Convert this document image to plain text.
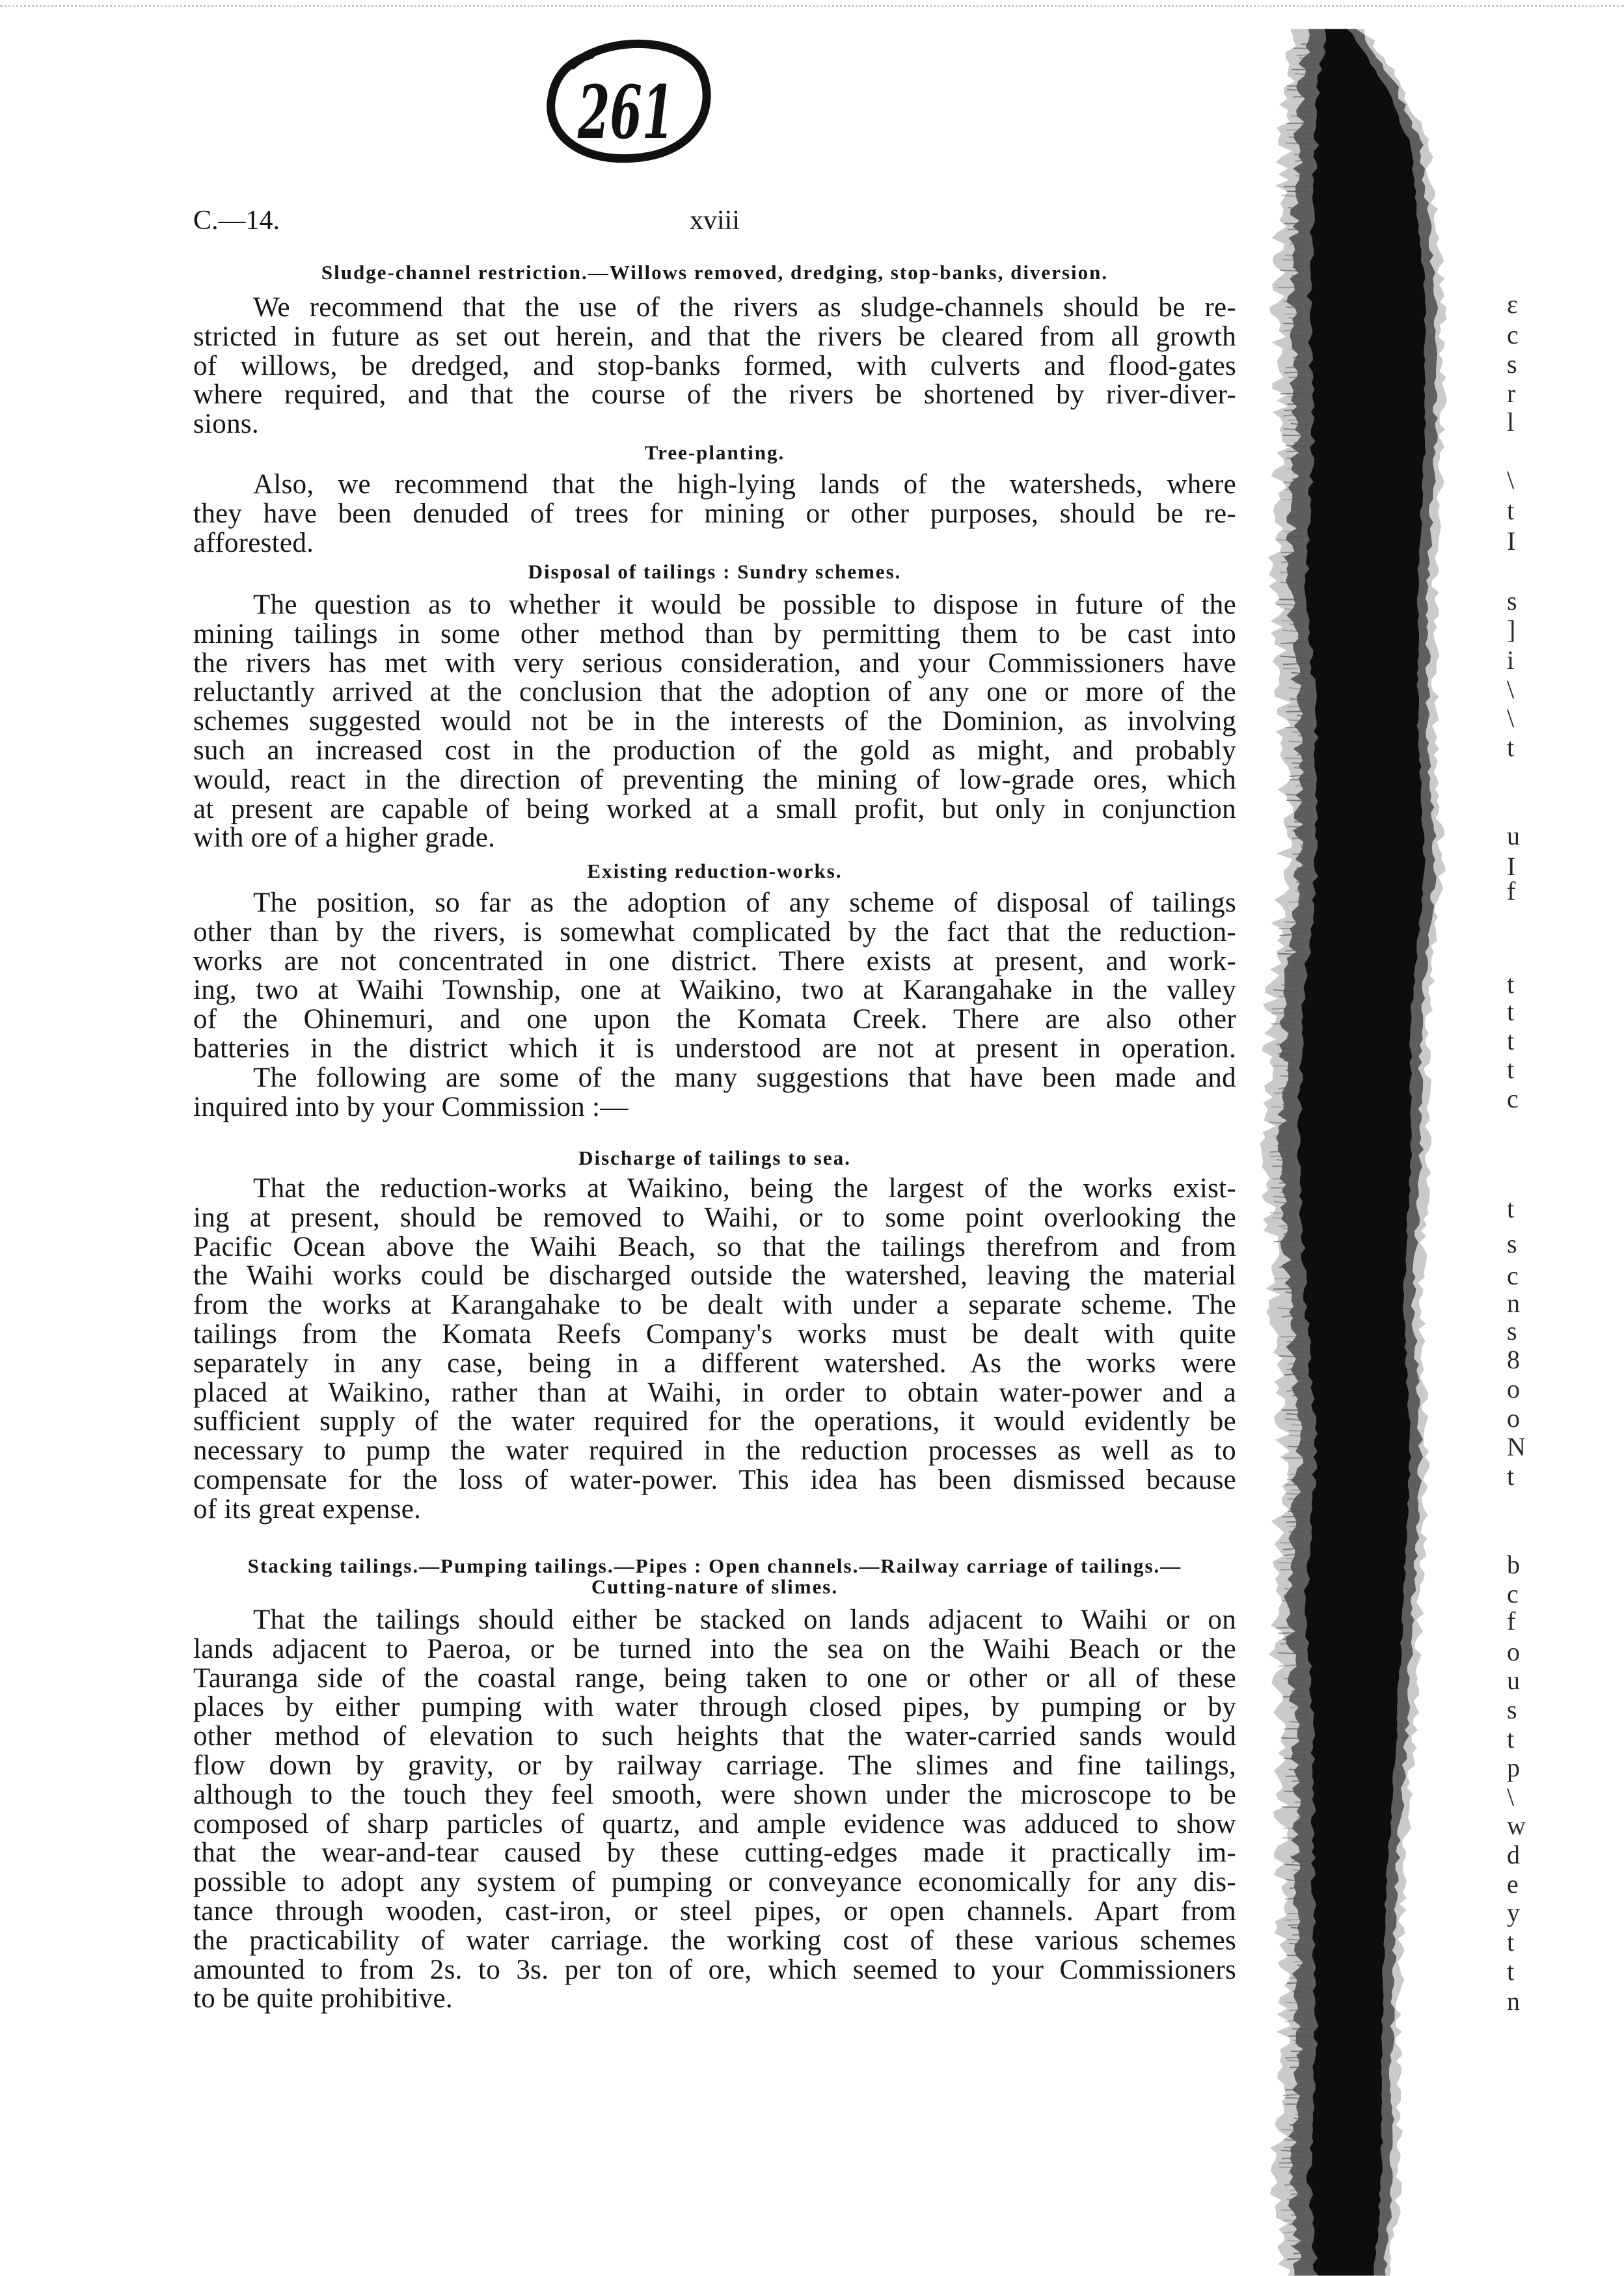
C.—14.	xviii
Sludge-channel restriction.—Willows removed, dredging, stop-banks, diversion.
We recommend that the use of the rivers as sludge-channels should be re-
stricted in future as set out herein, and that the rivers be cleared from all growth
of willows, be dredged, and stop-banks formed, with culverts and flood-gates
where required, and that the course of the rivers be shortened by river-diver-
sions.
Tree-planting.
Also, we recommend that the high-lying lands of the watersheds, where
they have been denuded of trees for mining or other purposes, should be re-
afforested.
Disposal of tailings : Sundry schemes.
The question as to whether it would be possible to dispose in future of the
mining tailings in some other method than by permitting them to be cast into
the rivers has met with very serious consideration, and your Commissioners have
reluctantly arrived at the conclusion that the adoption of any one or more of the
schemes suggested would not be in the interests of the Dominion, as involving
such an increased cost in the production of the gold as might, and probably
would, react in the direction of preventing the mining of low-grade ores, which
at present are capable of being worked at a small profit, but only in conjunction
with ore of a higher grade.
Existing reduction-works.
The position, so far as the adoption of any scheme of disposal of tailings
other than by the rivers, is somewhat complicated by the fact that the reduction-
works are not concentrated in one district. There exists at present, and work-
ing, two at Waihi Township, one at Waikino, two at Karangahake in the valley
of the Ohinemuri, and one upon the Komata Creek. There are also other
batteries in the district which it is understood are not at present in operation.
The following are some of the many suggestions that have been made and
inquired into by your Commission :—
Discharge of tailings to sea.
That the reduction-works at Waikino, being the largest of the works exist-
ing at present, should be removed to Waihi, or to some point overlooking the
Pacific Ocean above the Waihi Beach, so that the tailings therefrom and from
the Waihi works could be discharged outside the watershed, leaving the material
from the works at Karangahake to be dealt with under a separate scheme. The
tailings from the Komata Reefs Company's works must be dealt with quite
separately in any case, being in a different watershed. As the works were
placed at Waikino, rather than at Waihi, in order to obtain water-power and a
sufficient supply of the water required for the operations, it would evidently be
necessary to pump the water required in the reduction processes as well as to
compensate for the loss of water-power. This idea has been dismissed because
of its great expense.
Stacking tailings.—Pumping tailings.—Pipes : Open channels.—Railway carriage of tailings.—
Cutting-nature of slimes.
That the tailings should either be stacked on lands adjacent to Waihi or on
lands adjacent to Paeroa, or be turned into the sea on the Waihi Beach or the
Tauranga side of the coastal range, being taken to one or other or all of these
places by either pumping with water through closed pipes, by pumping or by
other method of elevation to such heights that the water-carried sands would
flow down by gravity, or by railway carriage. The slimes and fine tailings,
although to the touch they feel smooth, were shown under the microscope to be
composed of sharp particles of quartz, and ample evidence was adduced to show
that the wear-and-tear caused by these cutting-edges made it practically im-
possible to adopt any system of pumping or conveyance economically for any dis-
tance through wooden, cast-iron, or steel pipes, or open channels. Apart from
the practicability of water carriage. the working cost of these various schemes
amounted to from 2s. to 3s. per ton of ore, which seemed to your Commissioners
to be quite prohibitive.
ε
c
s
r
l
\
t
I
s
]
i
\
\
t
u
I
f
t
t
t
t
c
t
s
c
n
s
8
o
o
N
t
b
c
f
o
u
s
t
p
\
w
d
e
y
t
t
n
261
